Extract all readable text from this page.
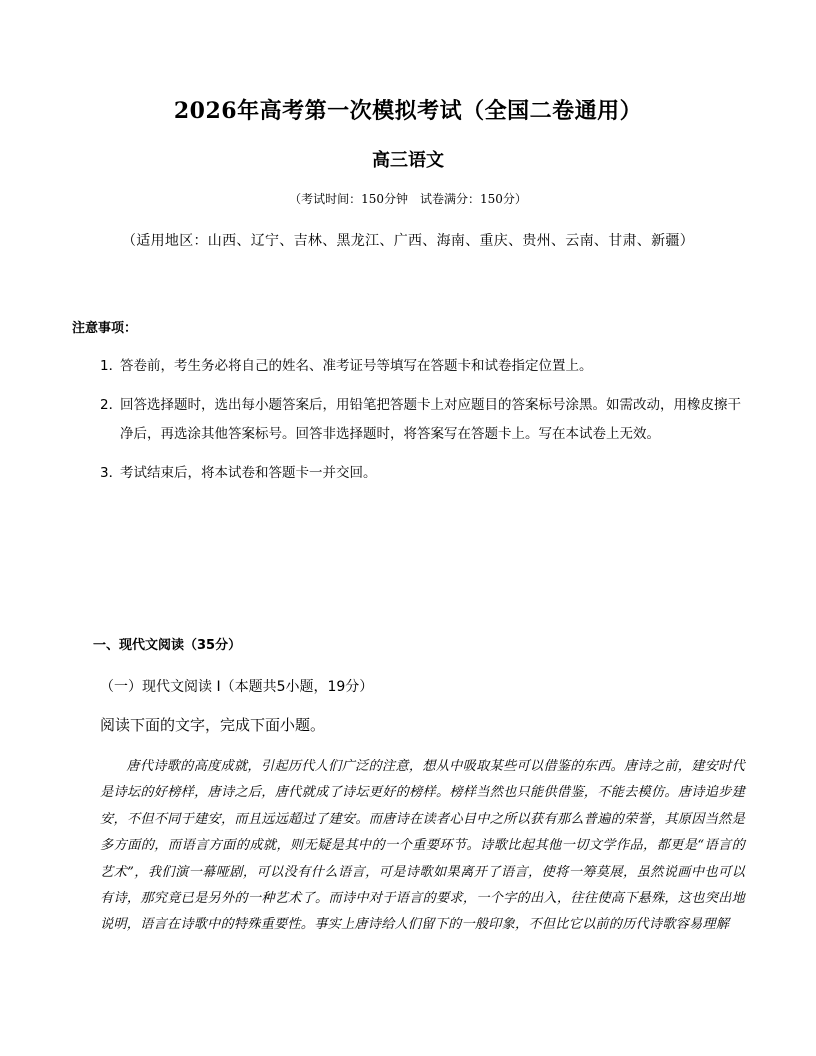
2026年高考第一次模拟考试（全国二卷通用）
高三语文
（考试时间：150分钟　试卷满分：150分）
（适用地区：山西、辽宁、吉林、黑龙江、广西、海南、重庆、贵州、云南、甘肃、新疆）
注意事项：
1．
答卷前，考生务必将自己的姓名、准考证号等填写在答题卡和试卷指定位置上。
2．
回答选择题时，选出每小题答案后，用铅笔把答题卡上对应题目的答案标号涂黑。如需改动，用橡皮擦干净后，再选涂其他答案标号。回答非选择题时，将答案写在答题卡上。写在本试卷上无效。
3．
考试结束后，将本试卷和答题卡一并交回。
一、现代文阅读（35分）
（一）现代文阅读 I（本题共5小题，19分）
阅读下面的文字，完成下面小题。

唐代诗歌的高度成就，引起历代人们广泛的注意，想从中吸取某些可以借鉴的东西。唐诗之前，建安时代是诗坛的好榜样，唐诗之后，唐代就成了诗坛更好的榜样。榜样当然也只能供借鉴，不能去模仿。唐诗追步建安，不但不同于建安，而且远远超过了建安。而唐诗在读者心目中之所以获有那么普遍的荣誉，其原因当然是多方面的，而语言方面的成就，则无疑是其中的一个重要环节。诗歌比起其他一切文学作品，都更是“语言的艺术”，我们演一幕哑剧，可以没有什么语言，可是诗歌如果离开了语言，使将一筹莫展，虽然说画中也可以有诗，那究竟已是另外的一种艺术了。而诗中对于语言的要求，一个字的出入，往往使高下悬殊，这也突出地说明，语言在诗歌中的特殊重要性。事实上唐诗给人们留下的一般印象，不但比它以前的历代诗歌容易理解
